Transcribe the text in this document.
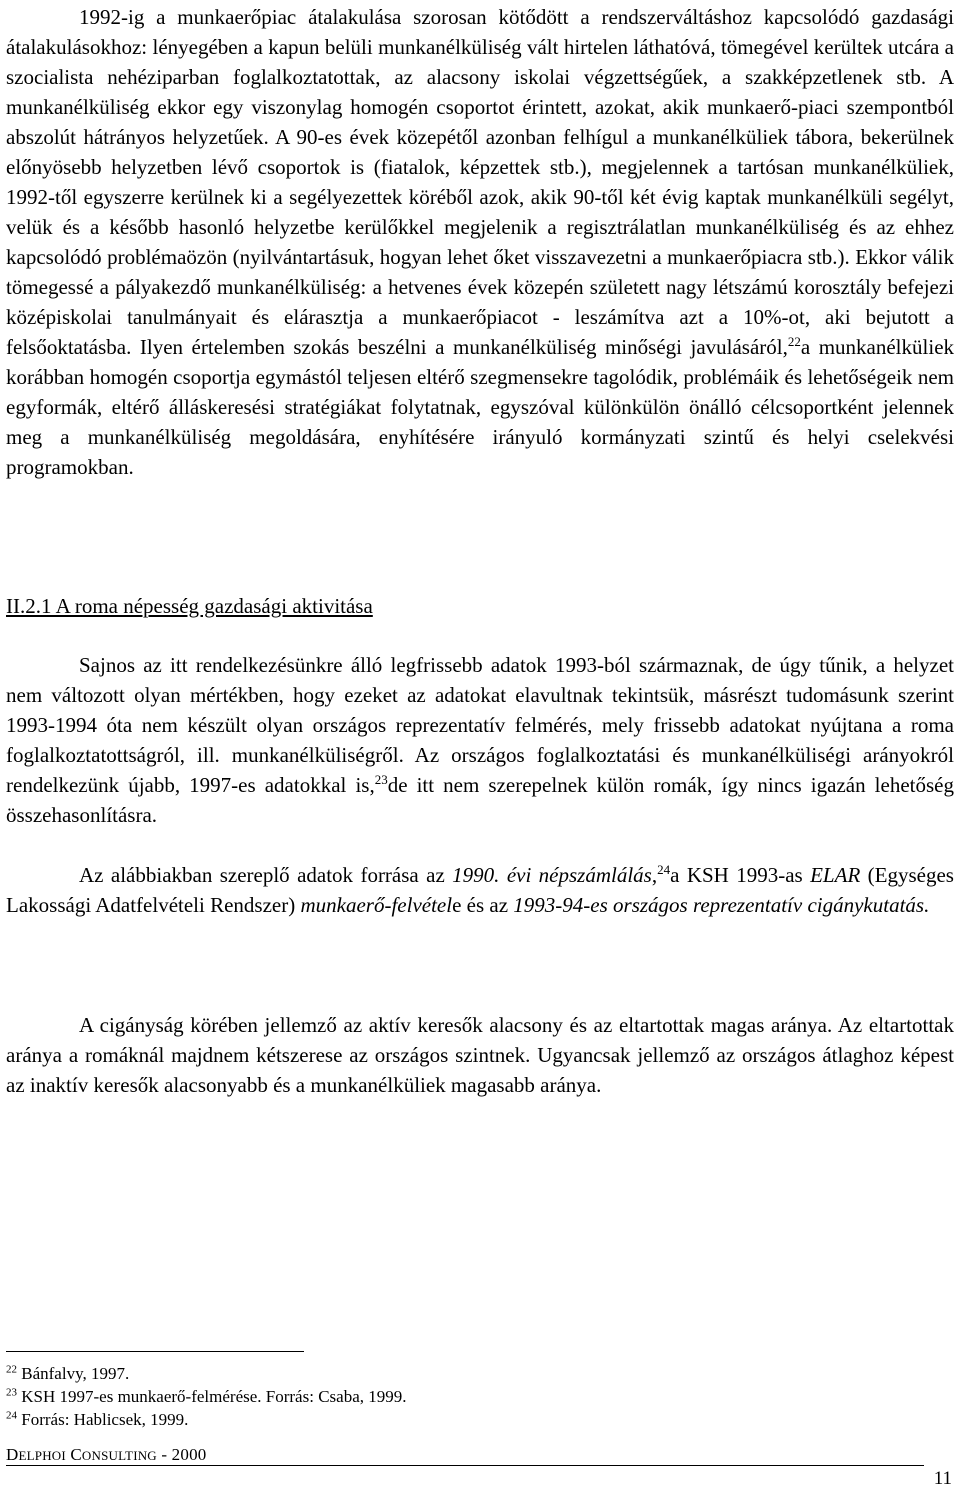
1992-ig a munkaerőpiac átalakulása szorosan kötődött a rendszerváltáshoz kapcsolódó gazdasági átalakulásokhoz: lényegében a kapun belüli munkanélküliség vált hirtelen láthatóvá, tömegével kerültek utcára a szocialista nehéziparban foglalkoztatottak, az alacsony iskolai végzettségűek, a szakképzetlenek stb. A munkanélküliség ekkor egy viszonylag homogén csoportot érintett, azokat, akik munkaerő-piaci szempontból abszolút hátrányos helyzetűek. A 90-es évek közepétől azonban felhígul a munkanélküliek tábora, bekerülnek előnyösebb helyzetben lévő csoportok is (fiatalok, képzettek stb.), megjelennek a tartósan munkanélküliek, 1992-től egyszerre kerülnek ki a segélyezettek köréből azok, akik 90-től két évig kaptak munkanélküli segélyt, velük és a később hasonló helyzetbe kerülőkkel megjelenik a regisztrálatlan munkanélküliség és az ehhez kapcsolódó problémaözön (nyilvántartásuk, hogyan lehet őket visszavezetni a munkaerőpiacra stb.). Ekkor válik tömegessé a pályakezdő munkanélküliség: a hetvenes évek közepén született nagy létszámú korosztály befejezi középiskolai tanulmányait és elárasztja a munkaerőpiacot - leszámítva azt a 10%-ot, aki bejutott a felsőoktatásba. Ilyen értelemben szokás beszélni a munkanélküliség minőségi javulásáról,$^{22}$a munkanélküliek korábban homogén csoportja egymástól teljesen eltérő szegmensekre tagolódik, problémáik és lehetőségeik nem egyformák, eltérő álláskeresési stratégiákat folytatnak, egyszóval különkülön önálló célcsoportként jelennek meg a munkanélküliség megoldására, enyhítésére irányuló kormányzati szintű és helyi cselekvési programokban.

II.2.1 A roma népesség gazdasági aktivitása

Sajnos az itt rendelkezésünkre álló legfrissebb adatok 1993-ból származnak, de úgy tűnik, a helyzet nem változott olyan mértékben, hogy ezeket az adatokat elavultnak tekintsük, másrészt tudomásunk szerint 1993-1994 óta nem készült olyan országos reprezentatív felmérés, mely frissebb adatokat nyújtana a roma foglalkoztatottságról, ill. munkanélküliségről. Az országos foglalkoztatási és munkanélküliségi arányokról rendelkezünk újabb, 1997-es adatokkal is,$^{23}$de itt nem szerepelnek külön romák, így nincs igazán lehetőség összehasonlításra.

Az alábbiakban szereplő adatok forrása az 1990. évi népszámlálás,$^{24}$a KSH 1993-as ELAR (Egységes Lakossági Adatfelvételi Rendszer) munkaerő-felvétele és az 1993-94-es országos reprezentatív cigánykutatás.

A cigányság körében jellemző az aktív keresők alacsony és az eltartottak magas aránya. Az eltartottak aránya a romáknál majdnem kétszerese az országos szintnek. Ugyancsak jellemző az országos átlaghoz képest az inaktív keresők alacsonyabb és a munkanélküliek magasabb aránya.

$^{22}$ Bánfalvy, 1997.
$^{23}$ KSH 1997-es munkaerő-felmérése. Forrás: Csaba, 1999.
$^{24}$ Forrás: Hablicsek, 1999.
DELPHOI CONSULTING - 2000
11
